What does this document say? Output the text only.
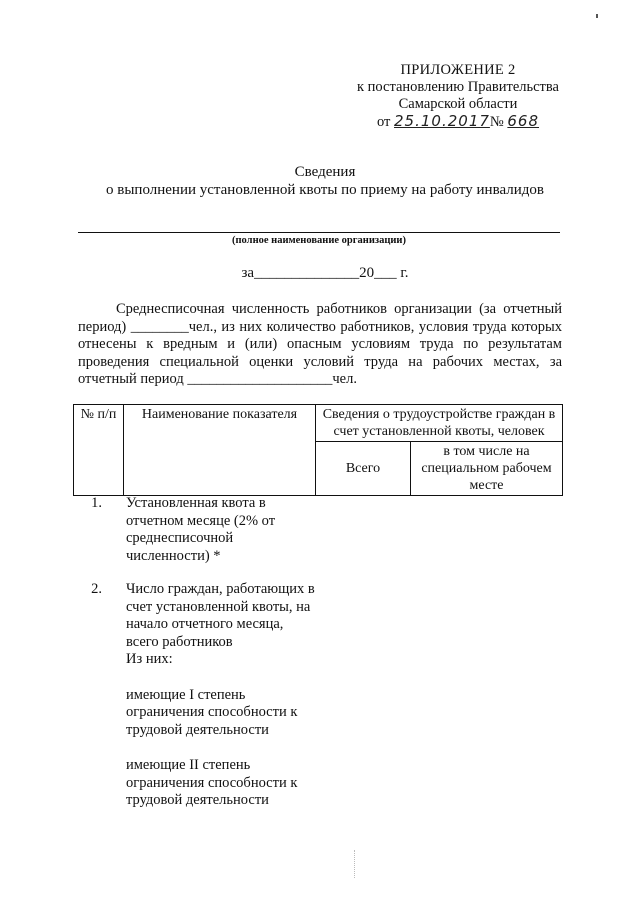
ПРИЛОЖЕНИЕ 2
к постановлению Правительства
Самарской области
от 25.10.2017№ 668
Сведения
о выполнении установленной квоты по приему на работу инвалидов
(полное наименование организации)
за______________20___ г.
Среднесписочная численность работников организации (за отчетный период) ________чел., из них количество работников, условия труда которых отнесены к вредным и (или) опасным условиям труда по результатам проведения специальной оценки условий труда на рабочих местах, за отчетный период ____________________чел.
№ п/п	Наименование показателя	Сведения о трудоустройстве граждан в счет установленной квоты, человек	
		Всего	в том числе на специальном рабочем месте
1.	Установленная квота в отчетном месяце (2% от среднесписочной численности) *
2.	Число граждан, работающих в счет установленной квоты, на начало отчетного месяца, всего работников
Из них:
имеющие I степень ограничения способности к трудовой деятельности
имеющие II степень ограничения способности к трудовой деятельности
